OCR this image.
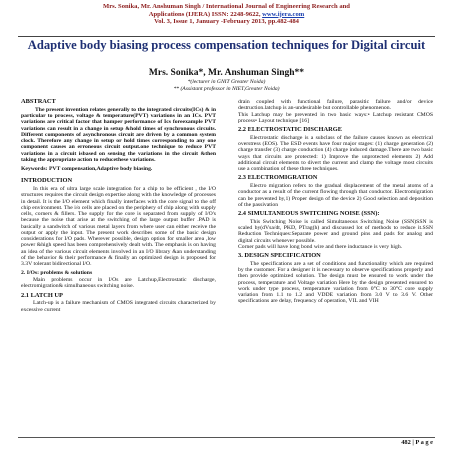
Mrs. Sonika, Mr. Anshuman Singh / International Journal of Engineering Research and
Applications (IJERA) ISSN: 2248-9622, www.ijera.com
Vol. 3, Issue 1, January -February 2013, pp.482-484
Adaptive body biasing process compensation techniques for Digital circuit
Mrs. Sonika*, Mr. Anshuman Singh**
*(lecturer in GNIT Greater Noida)
** (Assistant professor in NIET,Greater Noida)
ABSTRACT

The present invention relates generally to the integrated circuits(ICs) & in particular to process, voltage & temperature(PVT) variations in an ICs. PVT variations are critical factor that hamper performance of Ics foreexample PVT variations can result in a change in setup &hold times of synchronous circuits. Different components of asynchronous circuit are driven by a common system clock. Therefore any change in setup or hold times corresponding to any one component causes an erroneous circuit output.one technique to reduce PVT variations in a circuit isbased on sensing the variations in the circuit &then taking the appropriate action to reducethese variations.

Keywords: PVT compensation,Adaptive body biasing.

INTRODUCTION

In this era of ultra large scale integration for a chip to be efficient , the I/O structures requires the circuit design expertise along with the knowledge of processes in detail. It is the I/O element which finally interfaces with the core signal to the off chip environment. The i/o cells are placed on the periphery of chip along with supply cells, corners & fillers. The supply for the core is separated from supply of I/O's because the noise that arise at the switching of the large output buffer .PAD is basically a sandwitch of various metal layers from where user can either receive the output or apply the input. The present work describes some of the basic design considerations for I/O pads. Wherever possible, design option for smaller area ,low power &high speed has been comprehensively dealt with. The emphasis is on having an idea of the various circuit elements involved in an I/O library &an understanding of the behavior & their performance & finally an optimized design is proposed for 3.3V tolerant bidirectional I/O.

2. I/Os: problems & solutions

Main problems occur in I/Os are Latchup,Electrostatic discharge, electromigration& simulhaneous switching noise.

2.1 LATCH UP

Latch-up is a failure mechanism of CMOS integrated circuits characterized by excessive current

drain coupled with functional failure, parasitic failure and/or device destruction.latchup is an-undesirable but controllable phenomenon.

This Latchup may be prevented in two basic ways:• Latchup resistant CMOS process• Layout technique [16]

2.2 ELECTROSTATIC DISCHARGE

Electrostatic discharge is a subclass of the failure causes known as electrical overstress (EOS). The ESD events have four major stages: (1) charge generation (2) charge transfer (3) charge conduction (4) charge induced damage.There are two basic ways that circuits are protected: 1) Improve the unprotected elements 2) Add additional circuit elements to divert the current and clamp the voltage most circuits use a combination of these three techniques.

2.3 ELECTROMIGRATION

Electro migration refers to the gradual displacement of the metal atoms of a conductor as a result of the current flowing through that conductor. Electromigration can be prevented by,1) Proper design of the device 2) Good selection and deposition of the passivation

2.4 SIMULTANEOUS SWITCHING NOISE (SSN):

This Switching Noise is called Simultaneous Switching Noise (SSN)SSN is scaled by(dVsa/dt, PKD, PTrag(h) and discussed lot of methods to reduce it.SSN Reduction Techniques:Separate power and ground pins and pads for analog and digital circuits whenever possible.

Corner pads will have long bond wire and there inductance is very high.

3. DESIGN SPECIFICATION

The specifications are a set of conditions and functionality which are required by the customer. For a designer it is necessary to observe specifications properly and then provide optimized solution. The design must be ensured to work under the process, temperature and Voltage variation Here by the design presented ensured to work under type process, temperature variation from 0°C to 30°C core supply variation from 1.1 to 1.2 and VDDE variation from 3.0 V to 3.6 V. Other specifications are delay, frequency of operation, VIL and VIH

482 | P a g e
